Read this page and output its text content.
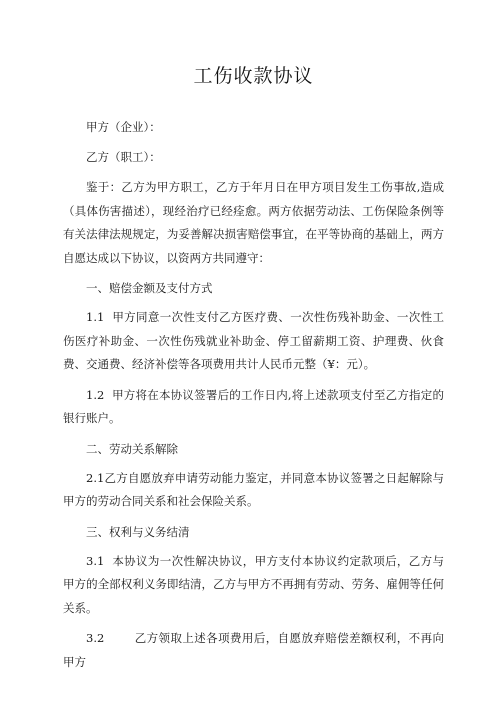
工伤收款协议

甲方（企业）：

乙方（职工）：

鉴于：乙方为甲方职工，乙方于年月日在甲方项目发生工伤事故,造成（具体伤害描述），现经治疗已经痊愈。两方依据劳动法、工伤保险条例等有关法律法规规定，为妥善解决损害赔偿事宜，在平等协商的基础上，两方自愿达成以下协议，以资两方共同遵守：

一、赔偿金额及支付方式

1.1 甲方同意一次性支付乙方医疗费、一次性伤残补助金、一次性工伤医疗补助金、一次性伤残就业补助金、停工留薪期工资、护理费、伙食费、交通费、经济补偿等各项费用共计人民币元整（¥：元）。

1.2 甲方将在本协议签署后的工作日内,将上述款项支付至乙方指定的银行账户。

二、劳动关系解除

2.1乙方自愿放弃申请劳动能力鉴定，并同意本协议签署之日起解除与甲方的劳动合同关系和社会保险关系。

三、权利与义务结清

3.1 本协议为一次性解决协议，甲方支付本协议约定款项后，乙方与甲方的全部权利义务即结清，乙方与甲方不再拥有劳动、劳务、雇佣等任何关系。

3.2	乙方领取上述各项费用后，自愿放弃赔偿差额权利，不再向甲方
